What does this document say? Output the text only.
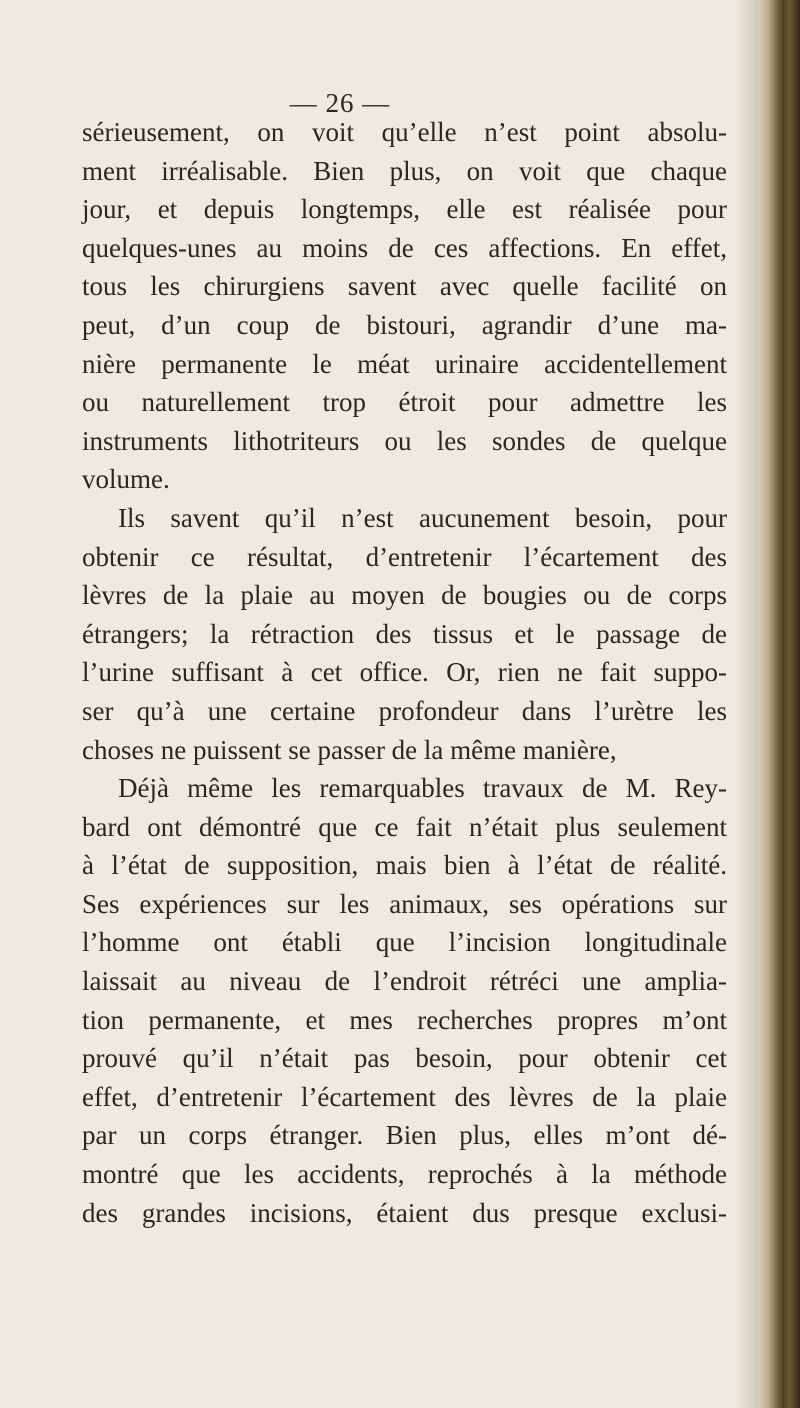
— 26 —
sérieusement, on voit qu’elle n’est point absolu-
ment irréalisable. Bien plus, on voit que chaque
jour, et depuis longtemps, elle est réalisée pour
quelques-unes au moins de ces affections. En effet,
tous les chirurgiens savent avec quelle facilité on
peut, d’un coup de bistouri, agrandir d’une ma-
nière permanente le méat urinaire accidentellement
ou naturellement trop étroit pour admettre les
instruments lithotriteurs ou les sondes de quelque
volume.
Ils savent qu’il n’est aucunement besoin, pour
obtenir ce résultat, d’entretenir l’écartement des
lèvres de la plaie au moyen de bougies ou de corps
étrangers; la rétraction des tissus et le passage de
l’urine suffisant à cet office. Or, rien ne fait suppo-
ser qu’à une certaine profondeur dans l’urètre les
choses ne puissent se passer de la même manière,
Déjà même les remarquables travaux de M. Rey-
bard ont démontré que ce fait n’était plus seulement
à l’état de supposition, mais bien à l’état de réalité.
Ses expériences sur les animaux, ses opérations sur
l’homme ont établi que l’incision longitudinale
laissait au niveau de l’endroit rétréci une amplia-
tion permanente, et mes recherches propres m’ont
prouvé qu’il n’était pas besoin, pour obtenir cet
effet, d’entretenir l’écartement des lèvres de la plaie
par un corps étranger. Bien plus, elles m’ont dé-
montré que les accidents, reprochés à la méthode
des grandes incisions, étaient dus presque exclusi-
